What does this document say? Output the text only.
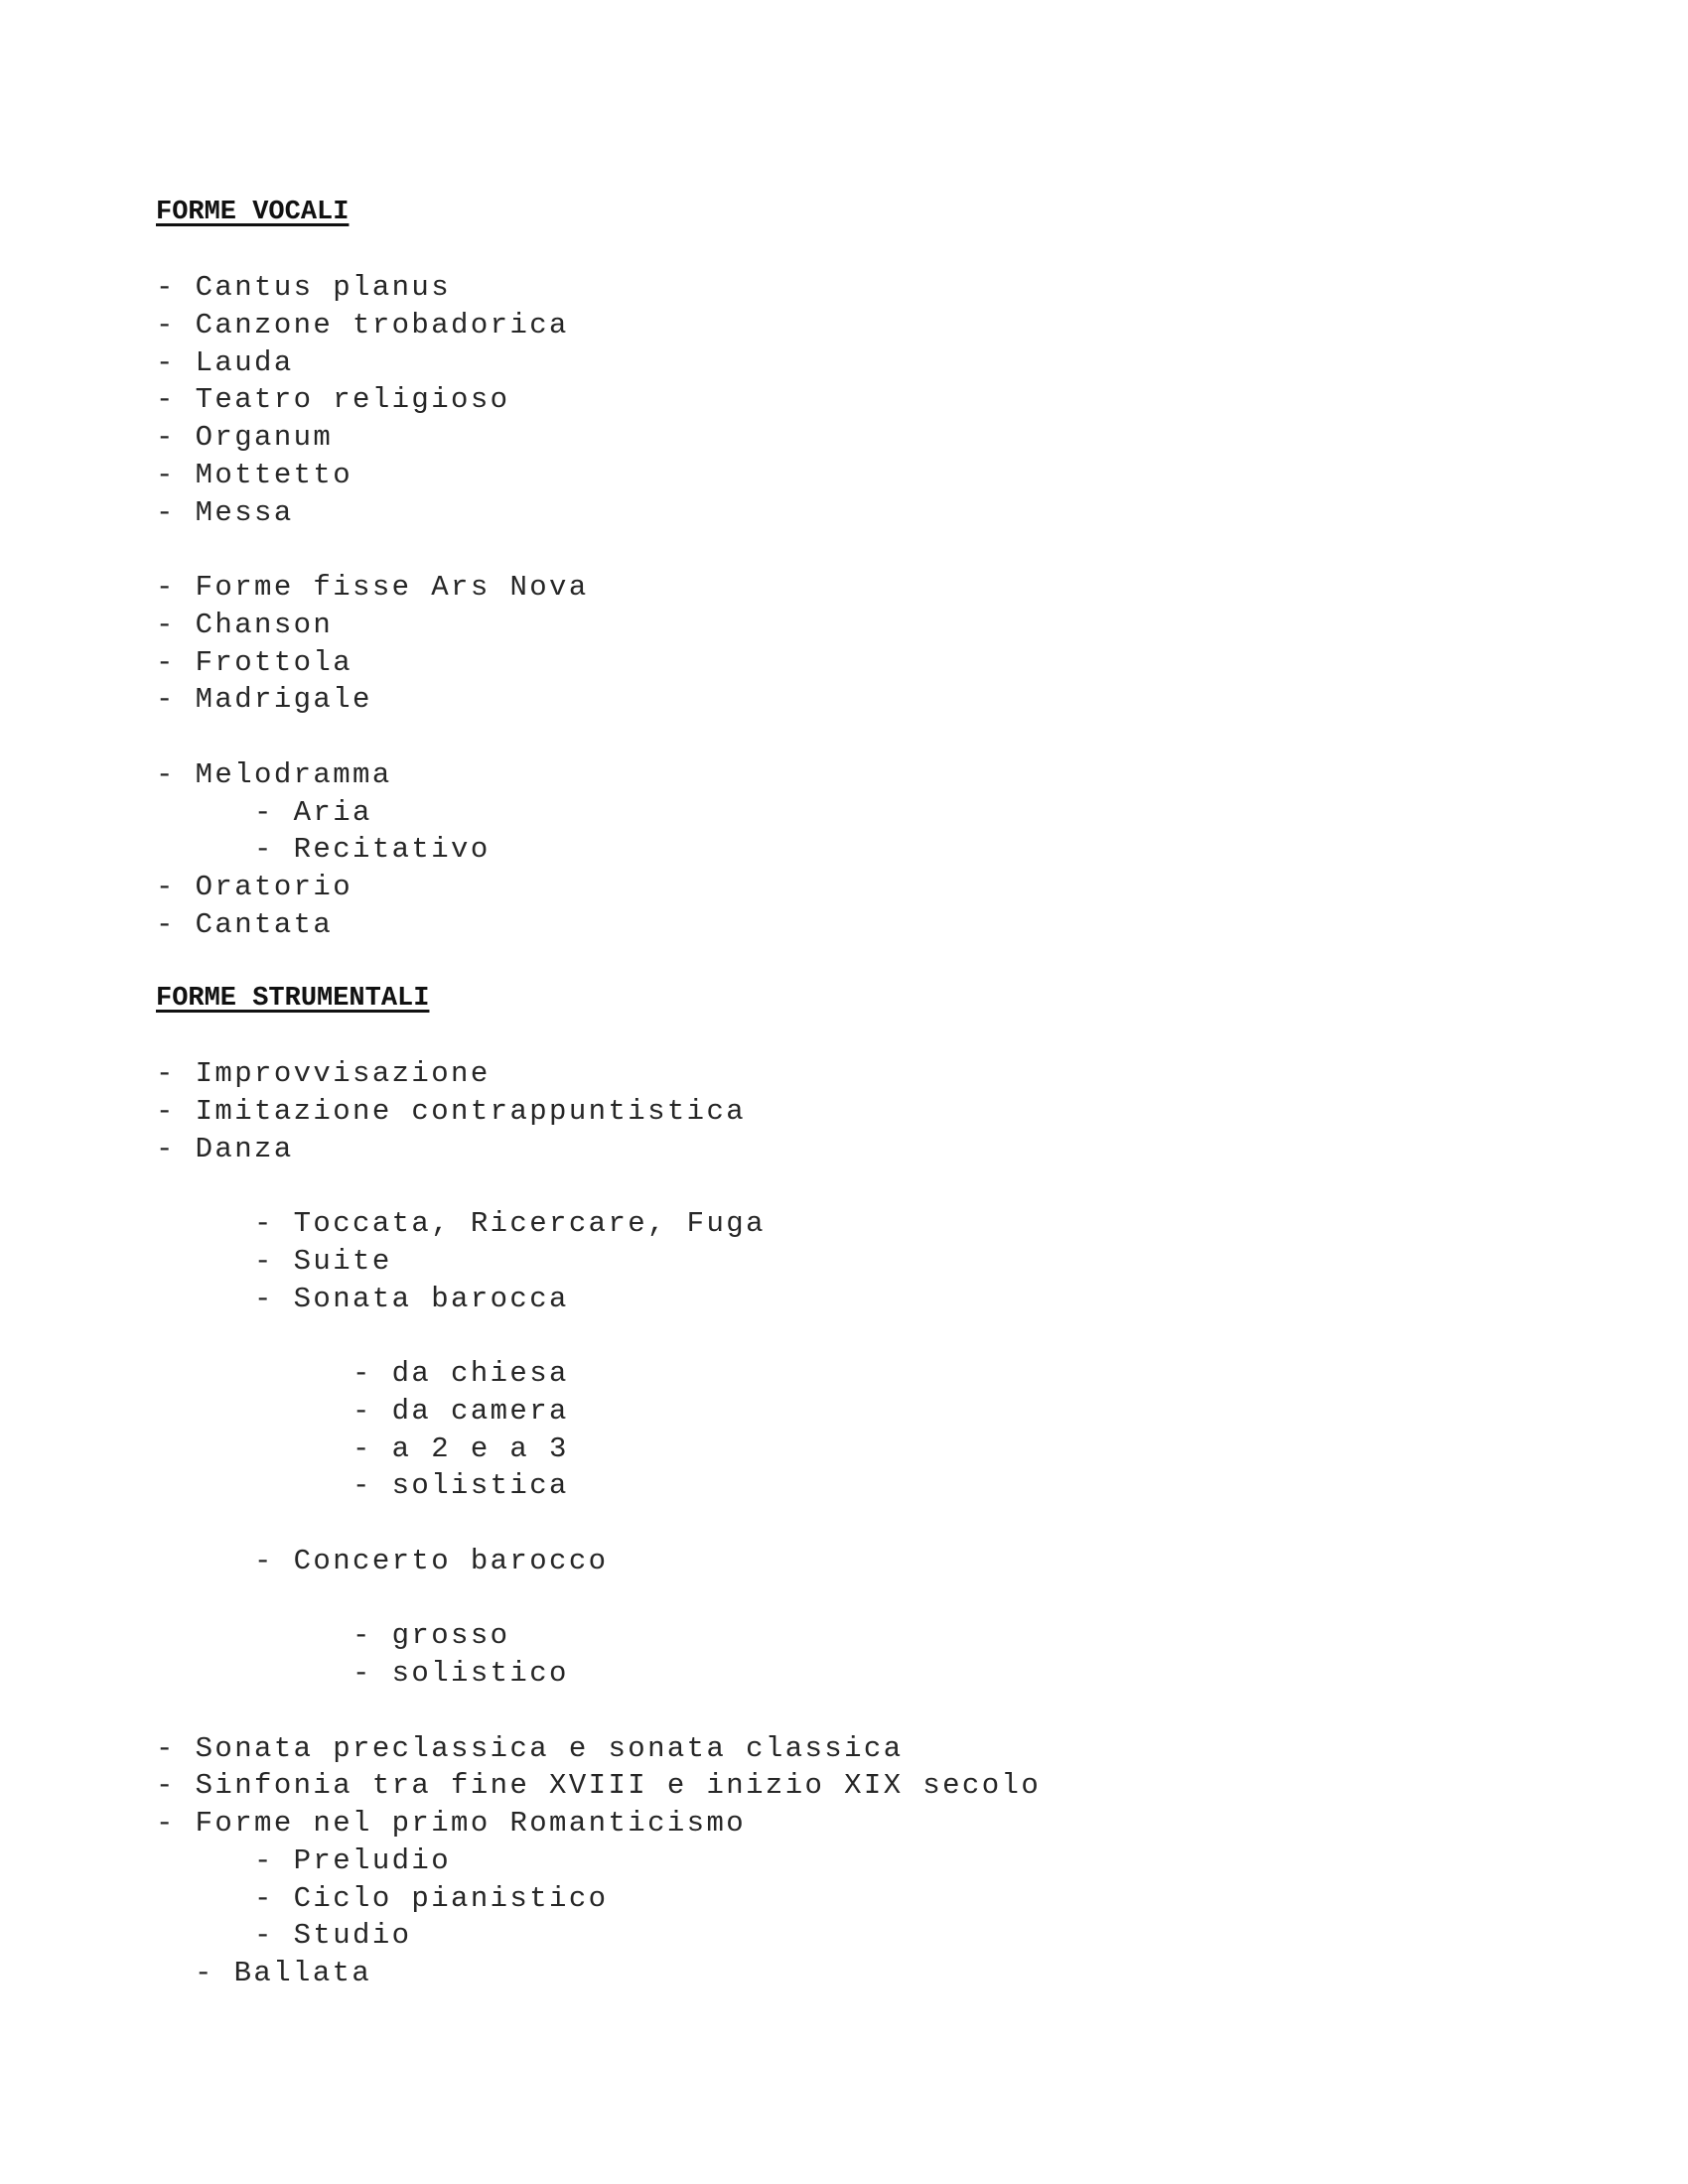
FORME VOCALI
- Cantus planus
- Canzone trobadorica
- Lauda
- Teatro religioso
- Organum
- Mottetto
- Messa
- Forme fisse Ars Nova
- Chanson
- Frottola
- Madrigale
- Melodramma
- Aria
- Recitativo
- Oratorio
- Cantata
FORME STRUMENTALI
- Improvvisazione
- Imitazione contrappuntistica
- Danza
- Toccata, Ricercare, Fuga
- Suite
- Sonata barocca
- da chiesa
- da camera
- a 2 e a 3
- solistica
- Concerto barocco
- grosso
- solistico
- Sonata preclassica e sonata classica
- Sinfonia tra fine XVIII e inizio XIX secolo
- Forme nel primo Romanticismo
- Preludio
- Ciclo pianistico
- Studio
- Ballata
